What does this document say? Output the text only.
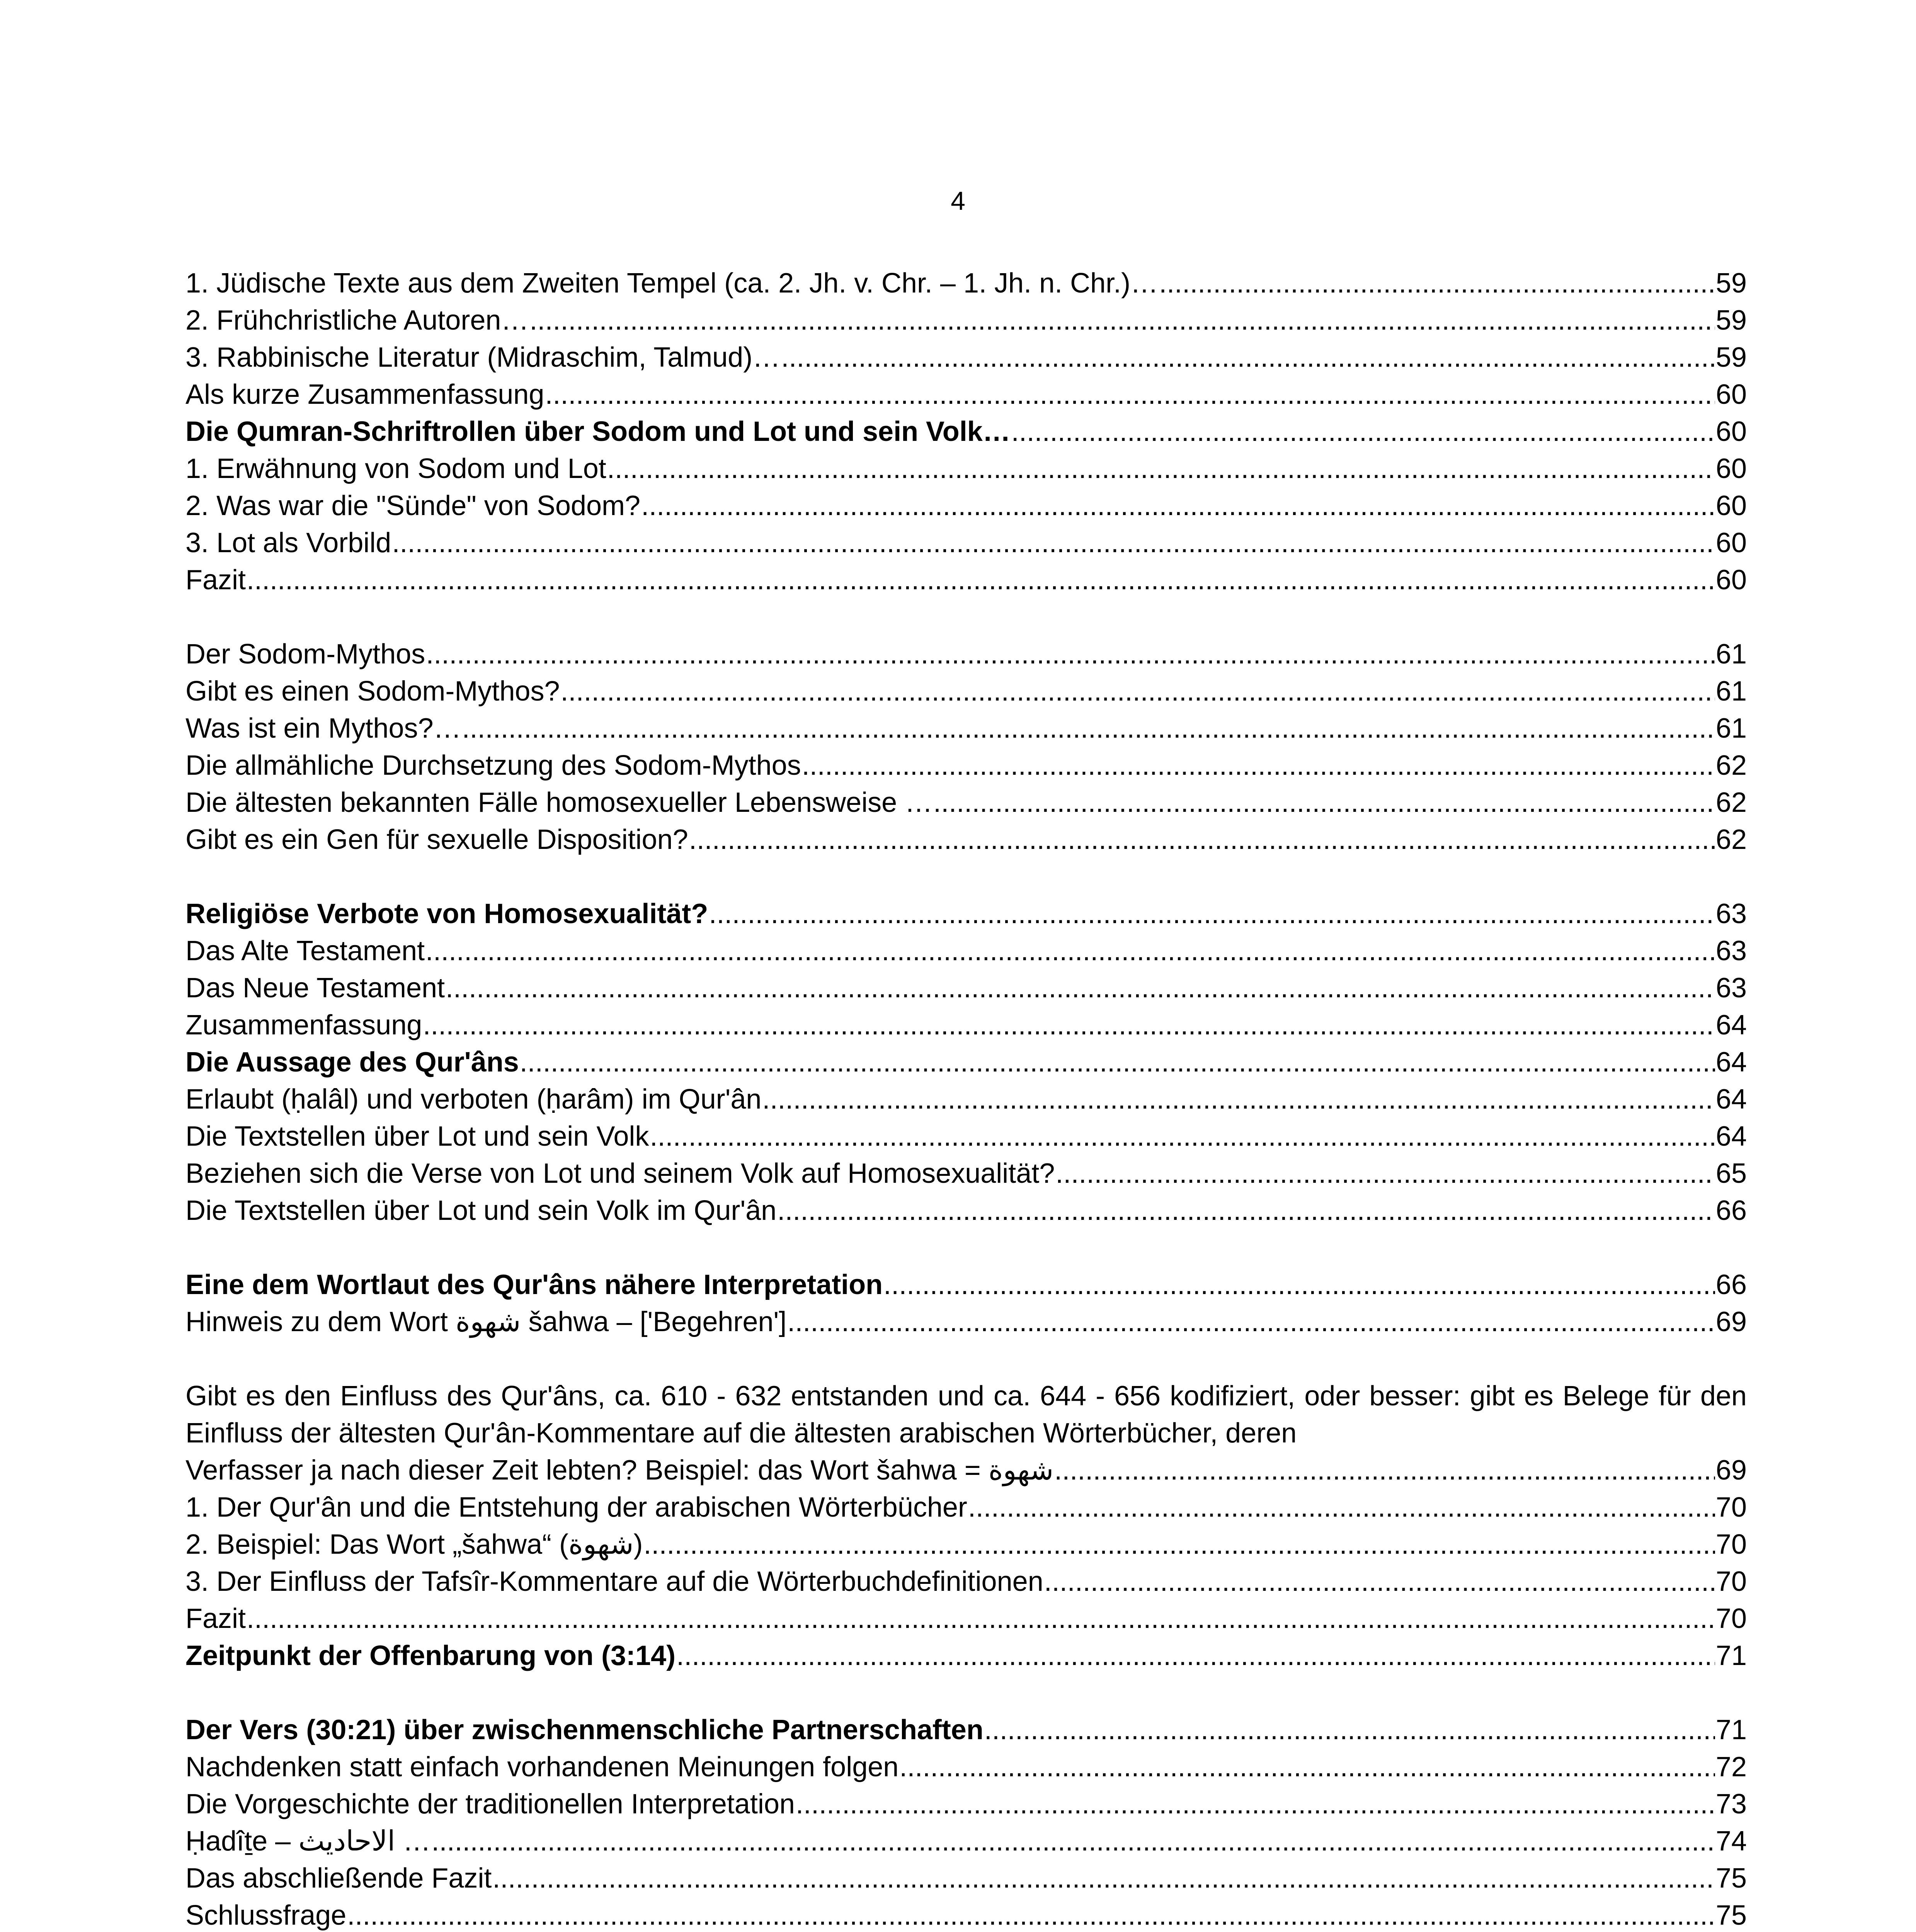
4
1. Jüdische Texte aus dem Zweiten Tempel (ca. 2. Jh. v. Chr. – 1. Jh. n. Chr.)… .....	59
2. Frühchristliche Autoren… .....	59
3. Rabbinische Literatur (Midraschim, Talmud)… .....	59
Als kurze Zusammenfassung .....	60
Die Qumran-Schriftrollen über Sodom und Lot und sein Volk… .....	60
1. Erwähnung von Sodom und Lot .....	60
2. Was war die "Sünde" von Sodom? .....	60
3. Lot als Vorbild .....	60
Fazit .....	60
Der Sodom-Mythos .....	61
Gibt es einen Sodom-Mythos? .....	61
Was ist ein Mythos?… .....	61
Die allmähliche Durchsetzung des Sodom-Mythos .....	62
Die ältesten bekannten Fälle homosexueller Lebensweise … .....	62
Gibt es ein Gen für sexuelle Disposition? .....	62
Religiöse Verbote von Homosexualität? .....	63
Das Alte Testament .....	63
Das Neue Testament .....	63
Zusammenfassung .....	64
Die Aussage des Qur'âns .....	64
Erlaubt (ḥalâl) und verboten (ḥarâm) im Qur'ân .....	64
Die Textstellen über Lot und sein Volk .....	64
Beziehen sich die Verse von Lot und seinem Volk auf Homosexualität? .....	65
Die Textstellen über Lot und sein Volk im Qur'ân .....	66
Eine dem Wortlaut des Qur'âns nähere Interpretation .....	66
Hinweis zu dem Wort شهوة šahwa – ['Begehren'] .....	69
Gibt es den Einfluss des Qur'âns, ca. 610 - 632 entstanden und ca. 644 - 656 kodifiziert, oder besser: gibt es Belege für den Einfluss der ältesten Qur'ân-Kommentare auf die ältesten arabischen Wörterbücher, deren
Verfasser ja nach dieser Zeit lebten? Beispiel: das Wort šahwa = شهوة .....	69
1. Der Qur'ân und die Entstehung der arabischen Wörterbücher .....	70
2. Beispiel: Das Wort „šahwa“ (شهوة) .....	70
3. Der Einfluss der Tafsîr-Kommentare auf die Wörterbuchdefinitionen .....	70
Fazit .....	70
Zeitpunkt der Offenbarung von (3:14) .....	71
Der Vers (30:21) über zwischenmenschliche Partnerschaften .....	71
Nachdenken statt einfach vorhandenen Meinungen folgen .....	72
Die Vorgeschichte der traditionellen Interpretation .....	73
Ḥadîṯe – الاحاديث … .....	74
Das abschließende Fazit .....	75
Schlussfrage .....	75
